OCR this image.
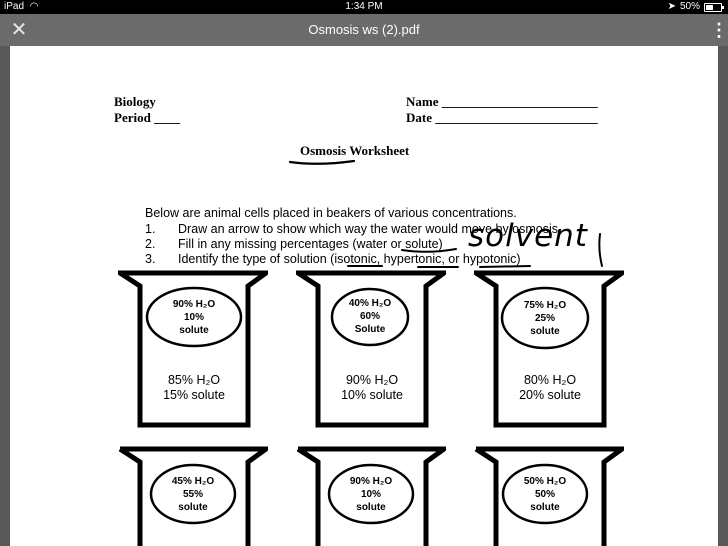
iPad ◠	1:34 PM	➤ 50%
✕	Osmosis ws (2).pdf	⋮
Biology
Period ____
Name ________________________
Date _________________________
Osmosis Worksheet
Below are animal cells placed in beakers of various concentrations.
1. Draw an arrow to show which way the water would move by osmosis
2. Fill in any missing percentages (water or solute)
3. Identify the type of solution (isotonic, hypertonic, or hypotonic)
solvent
90% H₂O
10%
solute
85% H₂O
15% solute
40% H₂O
60%
Solute
90% H₂O
10% solute
75% H₂O
25%
solute
80% H₂O
20% solute
45% H₂O
55%
solute
90% H₂O
10%
solute
50% H₂O
50%
solute
